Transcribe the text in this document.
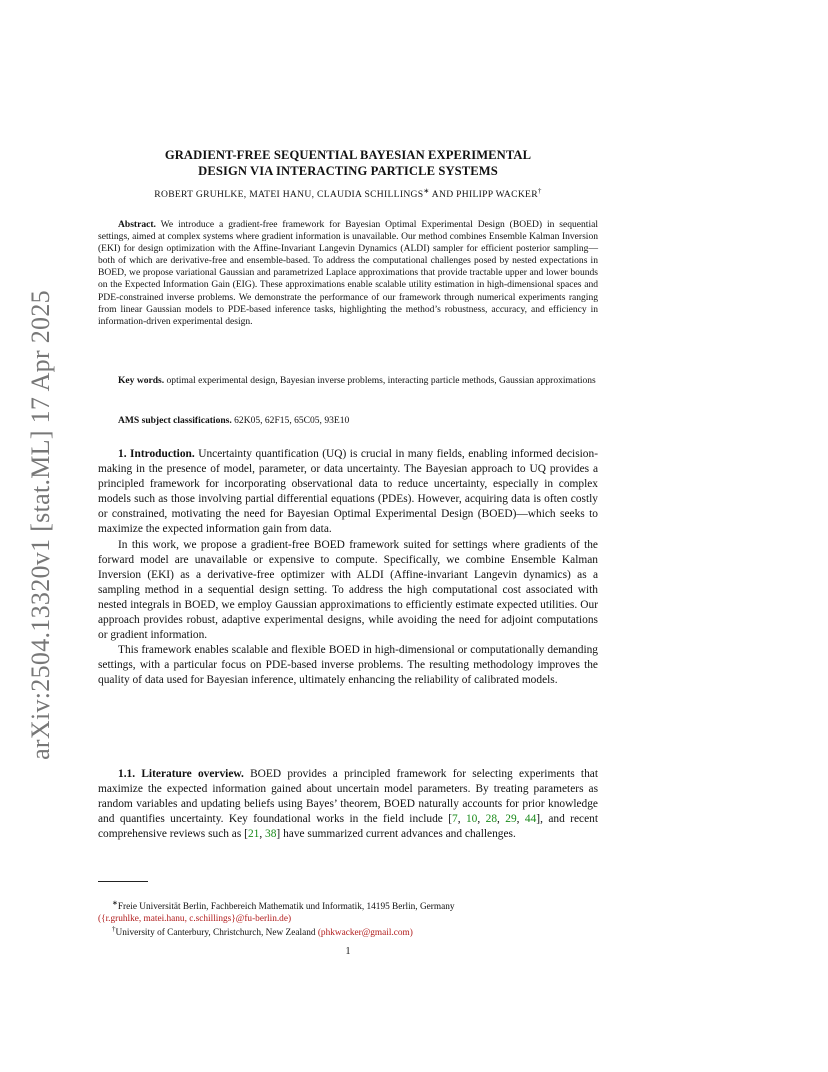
arXiv:2504.13320v1 [stat.ML] 17 Apr 2025
GRADIENT-FREE SEQUENTIAL BAYESIAN EXPERIMENTAL
DESIGN VIA INTERACTING PARTICLE SYSTEMS
ROBERT GRUHLKE, MATEI HANU, CLAUDIA SCHILLINGS∗ AND PHILIPP WACKER†

Abstract. We introduce a gradient-free framework for Bayesian Optimal Experimental Design (BOED) in sequential settings, aimed at complex systems where gradient information is unavailable. Our method combines Ensemble Kalman Inversion (EKI) for design optimization with the Affine-Invariant Langevin Dynamics (ALDI) sampler for efficient posterior sampling—both of which are derivative-free and ensemble-based. To address the computational challenges posed by nested expectations in BOED, we propose variational Gaussian and parametrized Laplace approximations that provide tractable upper and lower bounds on the Expected Information Gain (EIG). These approximations enable scalable utility estimation in high-dimensional spaces and PDE-constrained inverse problems. We demonstrate the performance of our framework through numerical experiments ranging from linear Gaussian models to PDE-based inference tasks, highlighting the method’s robustness, accuracy, and efficiency in information-driven experimental design.

Key words. optimal experimental design, Bayesian inverse problems, interacting particle methods, Gaussian approximations

AMS subject classifications. 62K05, 62F15, 65C05, 93E10

1. Introduction. Uncertainty quantification (UQ) is crucial in many fields, enabling informed decision-making in the presence of model, parameter, or data uncertainty. The Bayesian approach to UQ provides a principled framework for incorporating observational data to reduce uncertainty, especially in complex models such as those involving partial differential equations (PDEs). However, acquiring data is often costly or constrained, motivating the need for Bayesian Optimal Experimental Design (BOED)—which seeks to maximize the expected information gain from data.

In this work, we propose a gradient-free BOED framework suited for settings where gradients of the forward model are unavailable or expensive to compute. Specifically, we combine Ensemble Kalman Inversion (EKI) as a derivative-free optimizer with ALDI (Affine-invariant Langevin dynamics) as a sampling method in a sequential design setting. To address the high computational cost associated with nested integrals in BOED, we employ Gaussian approximations to efficiently estimate expected utilities. Our approach provides robust, adaptive experimental designs, while avoiding the need for adjoint computations or gradient information.

This framework enables scalable and flexible BOED in high-dimensional or computationally demanding settings, with a particular focus on PDE-based inverse problems. The resulting methodology improves the quality of data used for Bayesian inference, ultimately enhancing the reliability of calibrated models.

1.1. Literature overview. BOED provides a principled framework for selecting experiments that maximize the expected information gained about uncertain model parameters. By treating parameters as random variables and updating beliefs using Bayes’ theorem, BOED naturally accounts for prior knowledge and quantifies uncertainty. Key foundational works in the field include [7, 10, 28, 29, 44], and recent comprehensive reviews such as [21, 38] have summarized current advances and challenges.

∗Freie Universität Berlin, Fachbereich Mathematik und Informatik, 14195 Berlin, Germany
({r.gruhlke, matei.hanu, c.schillings}@fu-berlin.de)
†University of Canterbury, Christchurch, New Zealand (phkwacker@gmail.com)
1
